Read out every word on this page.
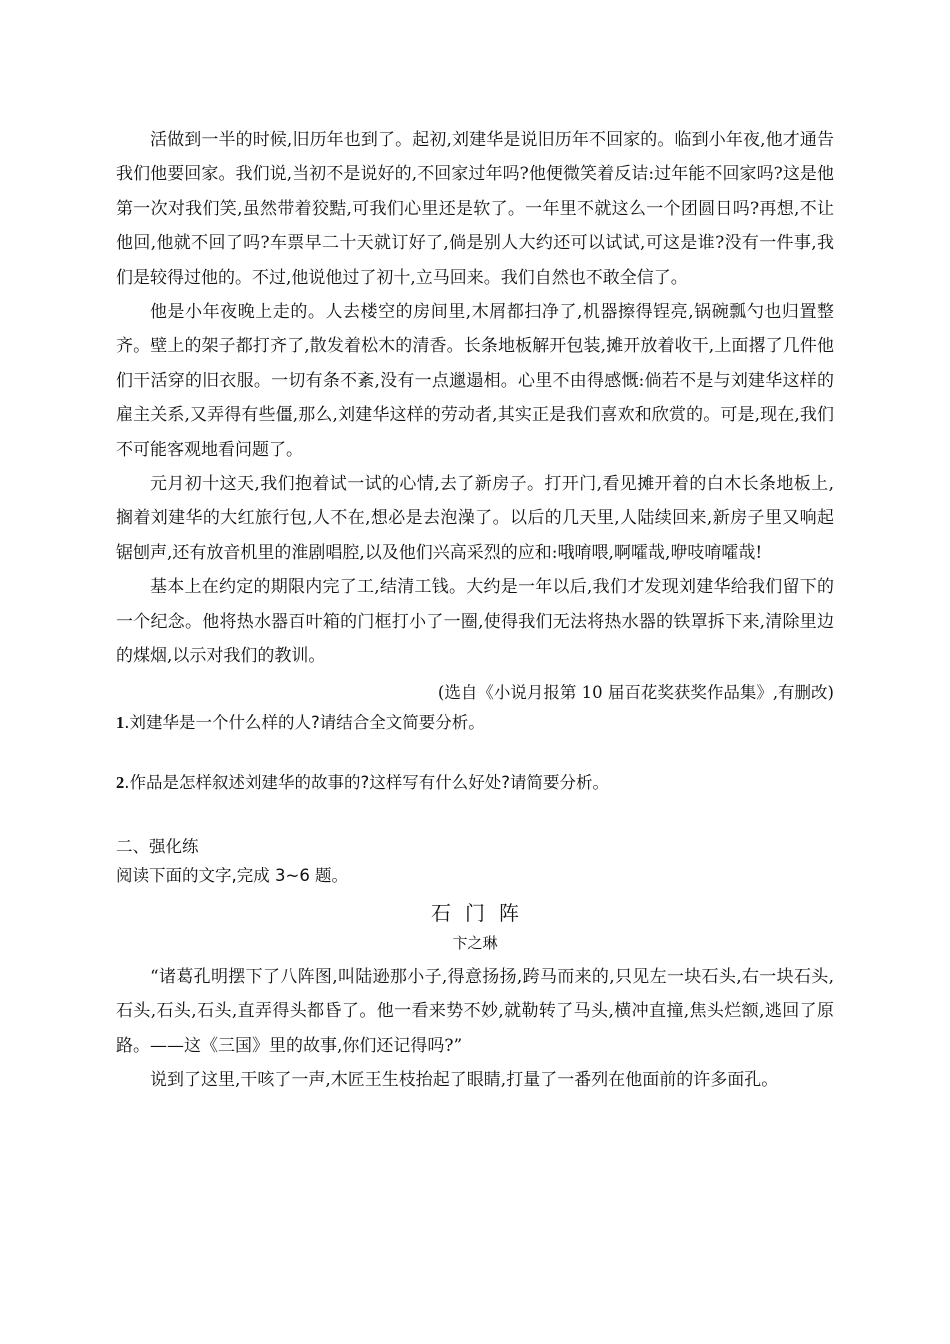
活做到一半的时候,旧历年也到了。起初,刘建华是说旧历年不回家的。临到小年夜,他才通告我们他要回家。我们说,当初不是说好的,不回家过年吗?他便微笑着反诘:过年能不回家吗?这是他第一次对我们笑,虽然带着狡黠,可我们心里还是软了。一年里不就这么一个团圆日吗?再想,不让他回,他就不回了吗?车票早二十天就订好了,倘是别人大约还可以试试,可这是谁?没有一件事,我们是较得过他的。不过,他说他过了初十,立马回来。我们自然也不敢全信了。

他是小年夜晚上走的。人去楼空的房间里,木屑都扫净了,机器擦得锃亮,锅碗瓢勺也归置整齐。壁上的架子都打齐了,散发着松木的清香。长条地板解开包装,摊开放着收干,上面撂了几件他们干活穿的旧衣服。一切有条不紊,没有一点邋遢相。心里不由得感慨:倘若不是与刘建华这样的雇主关系,又弄得有些僵,那么,刘建华这样的劳动者,其实正是我们喜欢和欣赏的。可是,现在,我们不可能客观地看问题了。

元月初十这天,我们抱着试一试的心情,去了新房子。打开门,看见摊开着的白木长条地板上,搁着刘建华的大红旅行包,人不在,想必是去泡澡了。以后的几天里,人陆续回来,新房子里又响起锯刨声,还有放音机里的淮剧唱腔,以及他们兴高采烈的应和:哦唷喂,啊嚯哉,咿吱唷嚯哉!

基本上在约定的期限内完了工,结清工钱。大约是一年以后,我们才发现刘建华给我们留下的一个纪念。他将热水器百叶箱的门框打小了一圈,使得我们无法将热水器的铁罩拆下来,清除里边的煤烟,以示对我们的教训。

(选自《小说月报第 10 届百花奖获奖作品集》,有删改)

1.刘建华是一个什么样的人?请结合全文简要分析。

2.作品是怎样叙述刘建华的故事的?这样写有什么好处?请简要分析。

二、强化练

阅读下面的文字,完成 3~6 题。

石门阵

卞之琳

“诸葛孔明摆下了八阵图,叫陆逊那小子,得意扬扬,跨马而来的,只见左一块石头,右一块石头,石头,石头,石头,直弄得头都昏了。他一看来势不妙,就勒转了马头,横冲直撞,焦头烂额,逃回了原路。——这《三国》里的故事,你们还记得吗?”

说到了这里,干咳了一声,木匠王生枝抬起了眼睛,打量了一番列在他面前的许多面孔。
